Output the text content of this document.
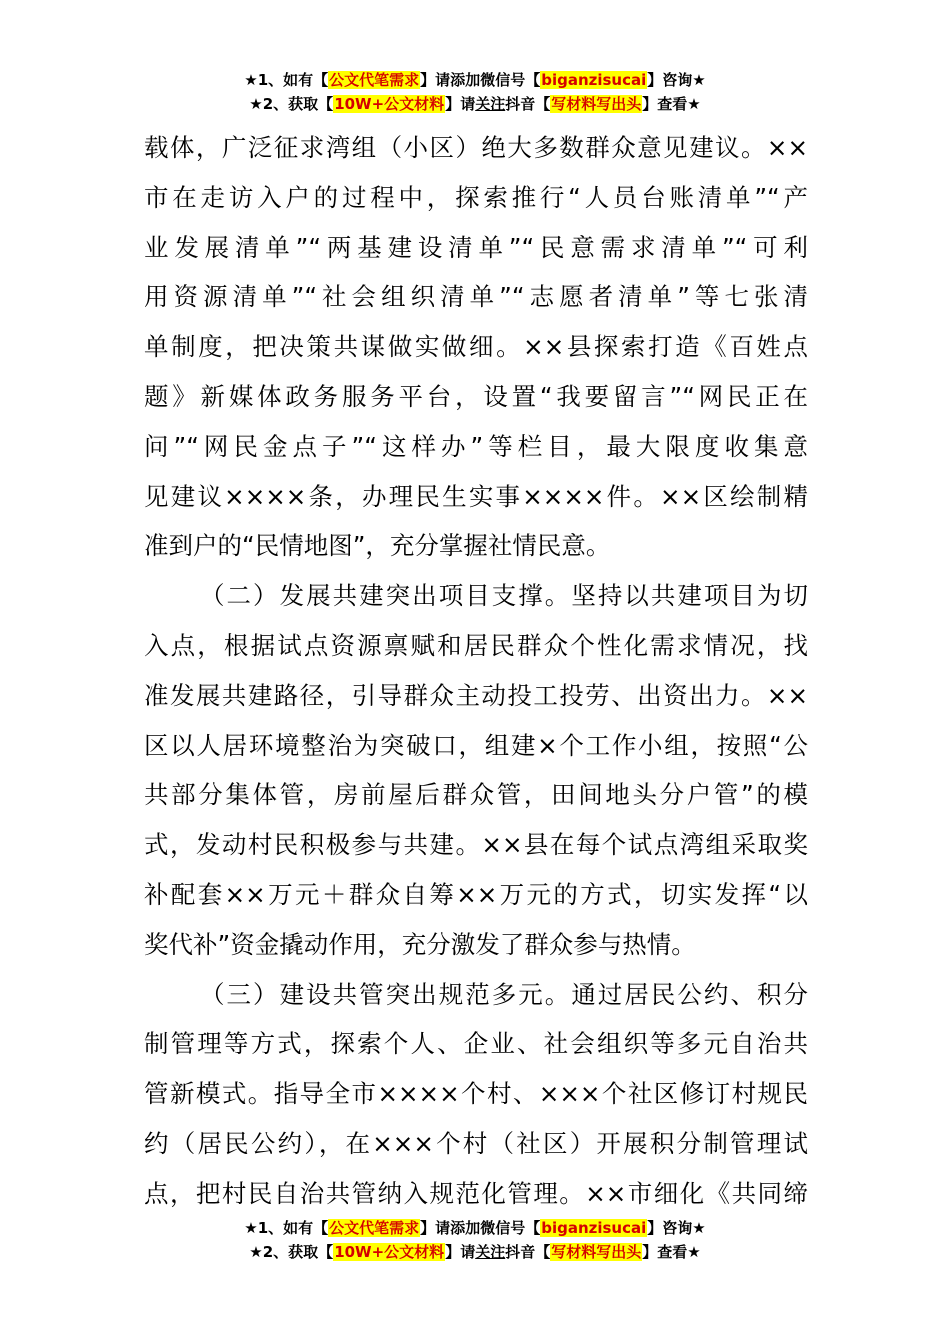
★1、如有【公文代笔需求】请添加微信号【biganzisucai】咨询★
★2、获取【10W+公文材料】请关注抖音【写材料写出头】查看★
载体，广泛征求湾组（小区）绝大多数群众意见建议。××
市在走访入户的过程中，探索推行“人员台账清单”“产
业发展清单”“两基建设清单”“民意需求清单”“可利
用资源清单”“社会组织清单”“志愿者清单”等七张清
单制度，把决策共谋做实做细。××县探索打造《百姓点
题》新媒体政务服务平台，设置“我要留言”“网民正在
问”“网民金点子”“这样办”等栏目，最大限度收集意
见建议××××条，办理民生实事××××件。××区绘制精
准到户的“民情地图”，充分掌握社情民意。
（二）发展共建突出项目支撑。坚持以共建项目为切
入点，根据试点资源禀赋和居民群众个性化需求情况，找
准发展共建路径，引导群众主动投工投劳、出资出力。××
区以人居环境整治为突破口，组建×个工作小组，按照“公
共部分集体管，房前屋后群众管，田间地头分户管”的模
式，发动村民积极参与共建。××县在每个试点湾组采取奖
补配套××万元＋群众自筹××万元的方式，切实发挥“以
奖代补”资金撬动作用，充分激发了群众参与热情。
（三）建设共管突出规范多元。通过居民公约、积分
制管理等方式，探索个人、企业、社会组织等多元自治共
管新模式。指导全市××××个村、×××个社区修订村规民
约（居民公约），在×××个村（社区）开展积分制管理试
点，把村民自治共管纳入规范化管理。××市细化《共同缔
★1、如有【公文代笔需求】请添加微信号【biganzisucai】咨询★
★2、获取【10W+公文材料】请关注抖音【写材料写出头】查看★
